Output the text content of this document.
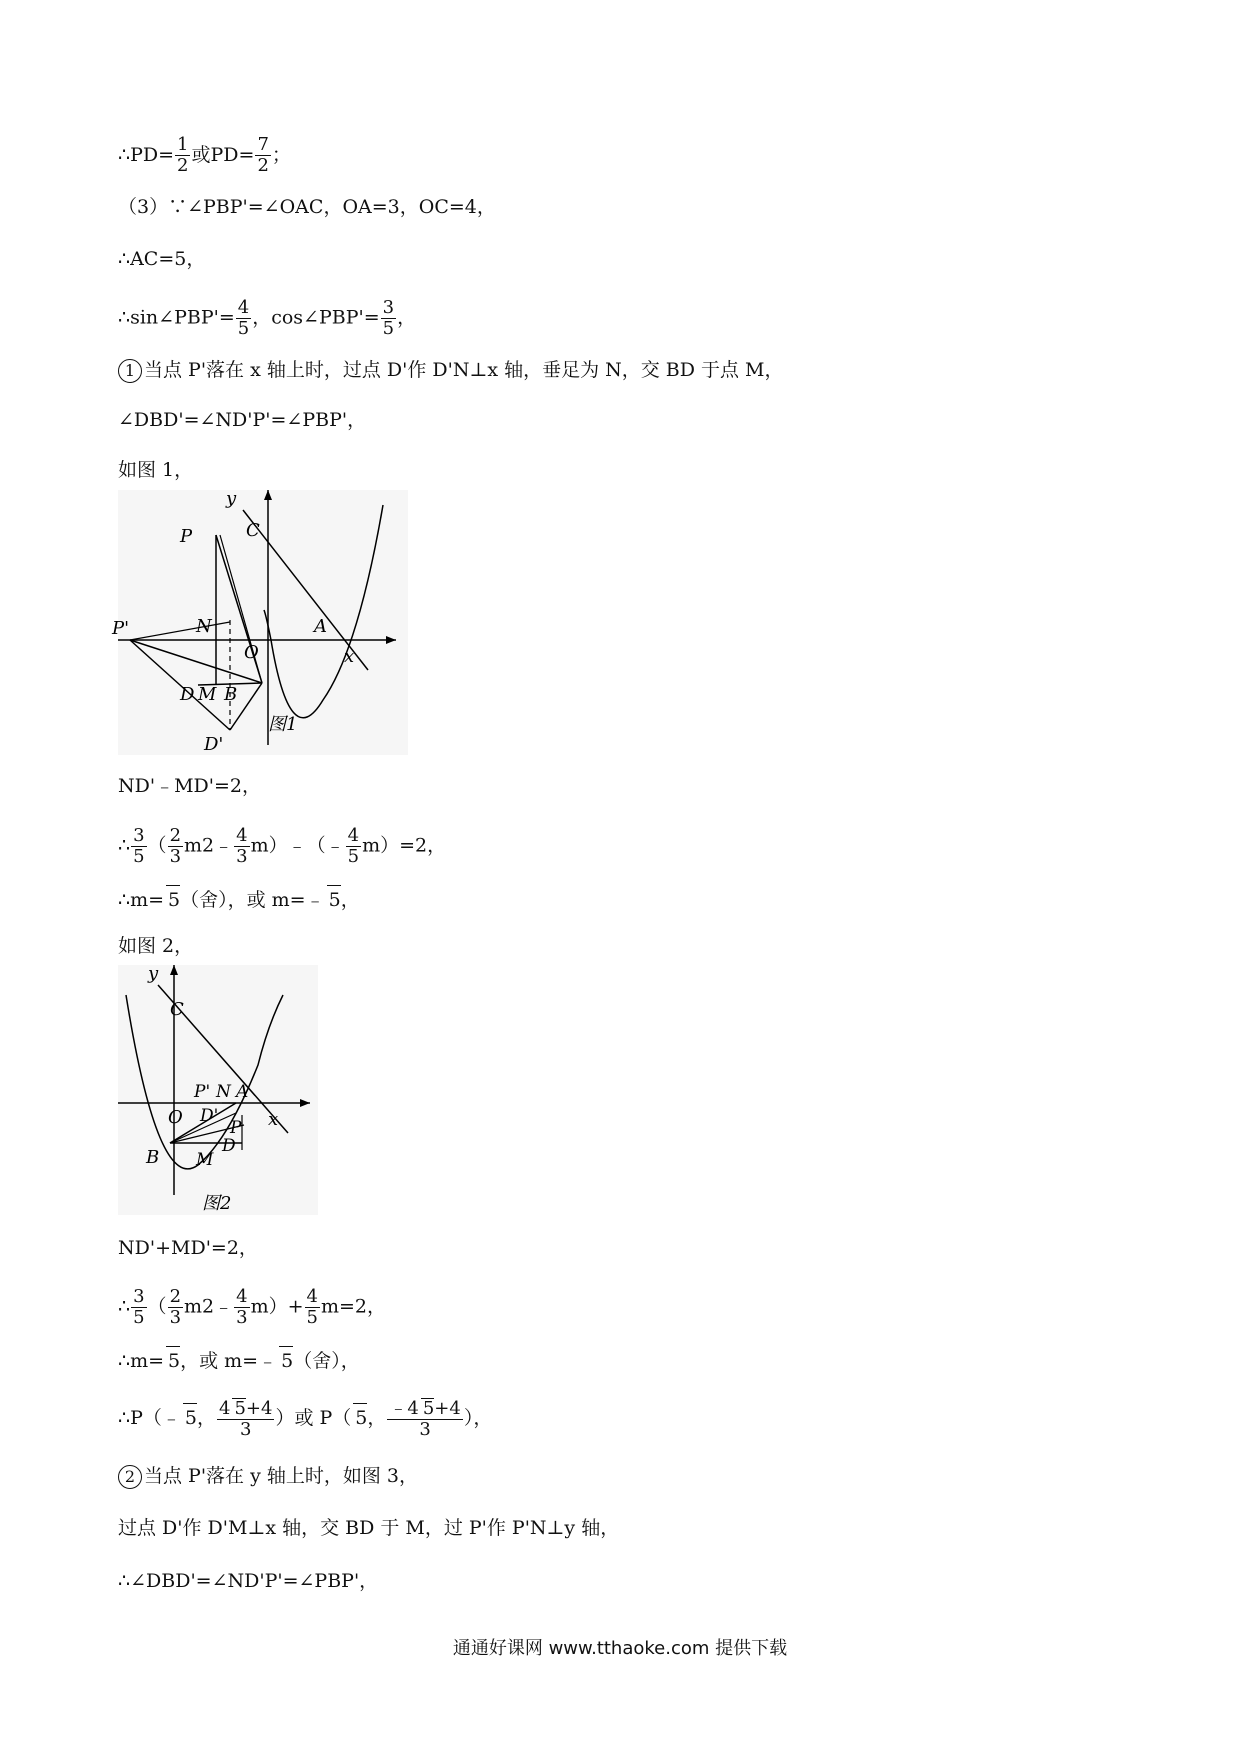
∴PD= $\frac{1}{2}$ 或$PD= \frac{7}{2}$ ；
（3）∵∠PBP'=∠OAC，OA=3，OC=4，
∴AC=5，
∴sin∠PBP'= $\frac{4}{5}$ ，cos∠PBP'= $\frac{3}{5}$ ，
1 当点 P'落在 x 轴上时，过点 D'作 D'N⊥x 轴，垂足为 N，交 BD 于点 M，
∠DBD'=∠ND'P'=∠PBP'，
如图 1，
y
C
P
P'	N	A
O	x
D M B
D'
图1
ND'﹣MD'=2，
∴ $\frac{3}{5}$ （ $\frac{2}{3}$ m2﹣ $\frac{4}{3}$ m）﹣（﹣ $\frac{4}{5} m)=2$，
∴m= 5（舍），或 m=﹣ 5，
如图 2，
y
C
P' N A
O	x
D'
P
D
B M
图2
ND'+MD'=2，
∴ $\frac{3}{5}$ （ $\frac{2}{3}$ m2﹣ $\frac{4}{3} m)+ \frac{4}{5} m=2$，
∴m= 5，或 m=﹣ 5（舍），
∴P（﹣ 5， $\frac{4 5+4}{3}$ ）或 P（ 5， $\frac{﹣4 5+4}{3}$ ），
2 当点 P'落在 y 轴上时，如图 3，
过点 D'作 D'M⊥x 轴，交 BD 于 M，过 P'作 P'N⊥y 轴，
∴∠DBD'=∠ND'P'=∠PBP'，
通通好课网 www.tthaoke.com 提供下载
